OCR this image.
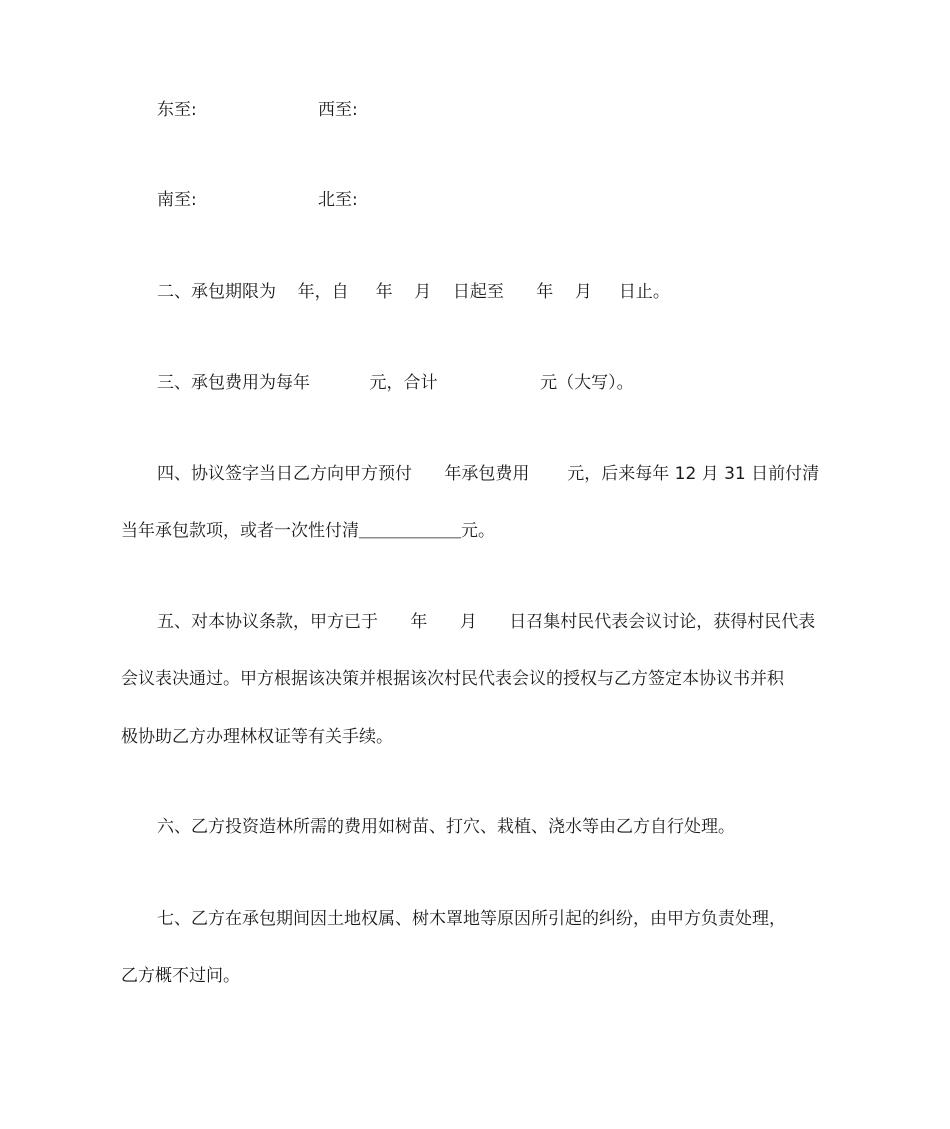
东至:	西至:
南至:	北至:
二、承包期限为    年，自     年    月    日起至      年    月     日止。
三、承包费用为每年           元，合计                   元（大写）。
四、协议签字当日乙方向甲方预付      年承包费用       元，后来每年 12 月 31 日前付清
当年承包款项，或者一次性付清＿＿＿＿＿＿元。
五、对本协议条款，甲方已于      年      月      日召集村民代表会议讨论，获得村民代表
会议表决通过。甲方根据该决策并根据该次村民代表会议的授权与乙方签定本协议书并积
极协助乙方办理林权证等有关手续。
六、乙方投资造林所需的费用如树苗、打穴、栽植、浇水等由乙方自行处理。
七、乙方在承包期间因土地权属、树木罩地等原因所引起的纠纷，由甲方负责处理，
乙方概不过问。
